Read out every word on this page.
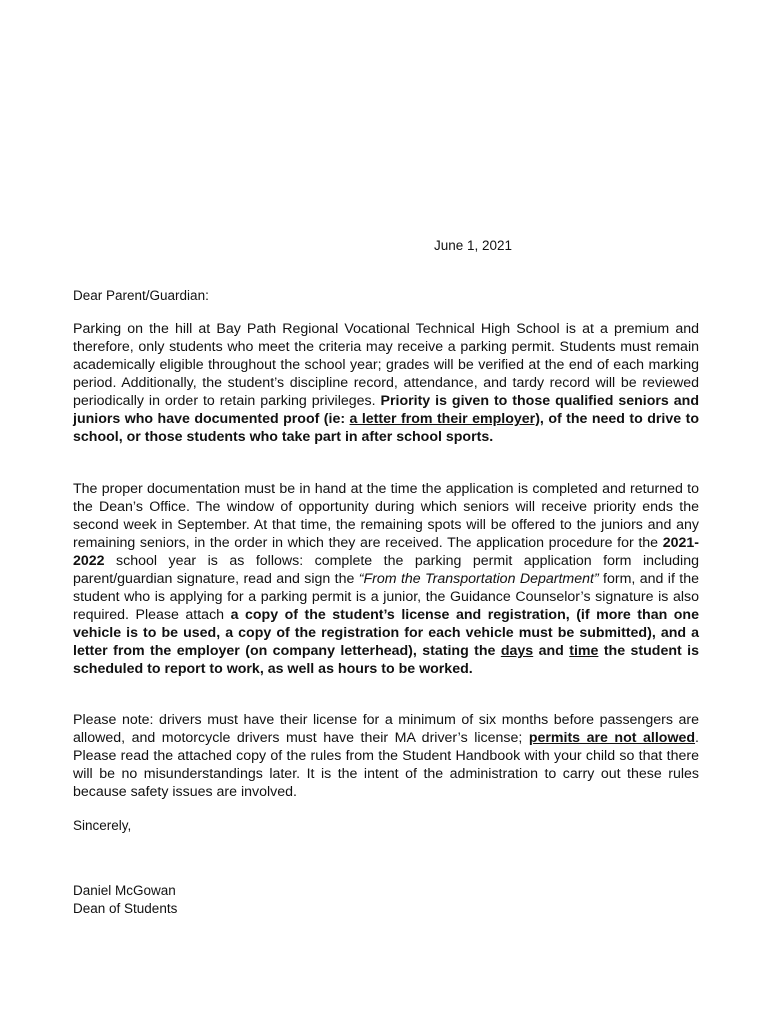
June 1, 2021
Dear Parent/Guardian:

Parking on the hill at Bay Path Regional Vocational Technical High School is at a premium and therefore, only students who meet the criteria may receive a parking permit. Students must remain academically eligible throughout the school year; grades will be verified at the end of each marking period. Additionally, the student’s discipline record, attendance, and tardy record will be reviewed periodically in order to retain parking privileges. Priority is given to those qualified seniors and juniors who have documented proof (ie: a letter from their employer), of the need to drive to school, or those students who take part in after school sports.

The proper documentation must be in hand at the time the application is completed and returned to the Dean’s Office. The window of opportunity during which seniors will receive priority ends the second week in September. At that time, the remaining spots will be offered to the juniors and any remaining seniors, in the order in which they are received. The application procedure for the 2021-2022 school year is as follows: complete the parking permit application form including parent/guardian signature, read and sign the “From the Transportation Department” form, and if the student who is applying for a parking permit is a junior, the Guidance Counselor’s signature is also required. Please attach a copy of the student’s license and registration, (if more than one vehicle is to be used, a copy of the registration for each vehicle must be submitted), and a letter from the employer (on company letterhead), stating the days and time the student is scheduled to report to work, as well as hours to be worked.

Please note: drivers must have their license for a minimum of six months before passengers are allowed, and motorcycle drivers must have their MA driver’s license; permits are not allowed. Please read the attached copy of the rules from the Student Handbook with your child so that there will be no misunderstandings later. It is the intent of the administration to carry out these rules because safety issues are involved.

Sincerely,
Daniel McGowan
Dean of Students
